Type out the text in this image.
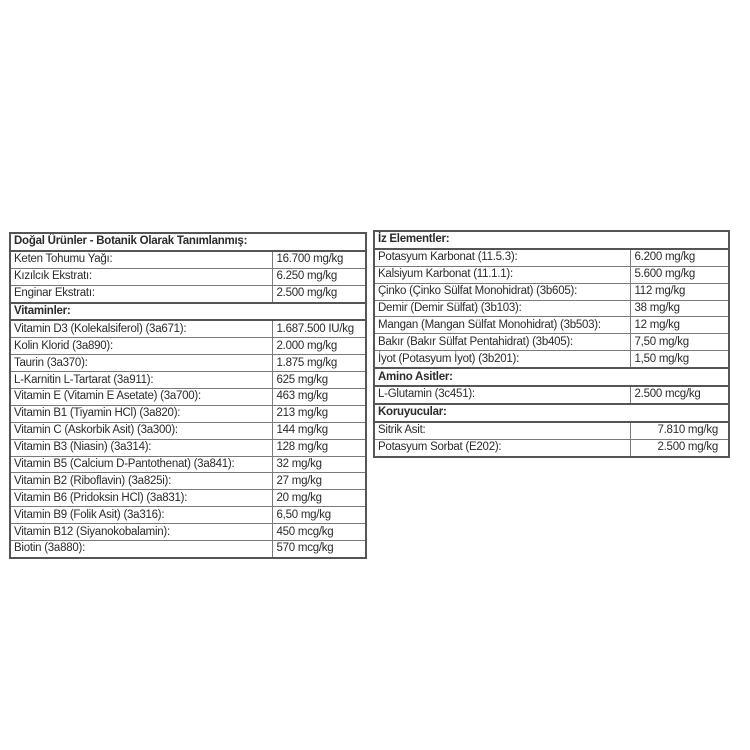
Doğal Ürünler - Botanik Olarak Tanımlanmış:	
Keten Tohumu Yağı:	16.700 mg/kg
Kızılcık Ekstratı:	6.250 mg/kg
Enginar Ekstratı:	2.500 mg/kg
Vitaminler:	
Vitamin D3 (Kolekalsiferol) (3a671):	1.687.500 IU/kg
Kolin Klorid (3a890):	2.000 mg/kg
Taurin (3a370):	1.875 mg/kg
L-Karnitin L-Tartarat (3a911):	625 mg/kg
Vitamin E (Vitamin E Asetate) (3a700):	463 mg/kg
Vitamin B1 (Tiyamin HCl) (3a820):	213 mg/kg
Vitamin C (Askorbik Asit) (3a300):	144 mg/kg
Vitamin B3 (Niasin) (3a314):	128 mg/kg
Vitamin B5 (Calcium D-Pantothenat) (3a841):	32 mg/kg
Vitamin B2 (Riboflavin) (3a825i):	27 mg/kg
Vitamin B6 (Pridoksin HCl) (3a831):	20 mg/kg
Vitamin B9 (Folik Asit) (3a316):	6,50 mg/kg
Vitamin B12 (Siyanokobalamin):	450 mcg/kg
Biotin (3a880):	570 mcg/kg
İz Elementler:	
Potasyum Karbonat (11.5.3):	6.200 mg/kg
Kalsiyum Karbonat (11.1.1):	5.600 mg/kg
Çinko (Çinko Sülfat Monohidrat) (3b605):	112 mg/kg
Demir (Demir Sülfat) (3b103):	38 mg/kg
Mangan (Mangan Sülfat Monohidrat) (3b503):	12 mg/kg
Bakır (Bakır Sülfat Pentahidrat) (3b405):	7,50 mg/kg
İyot (Potasyum İyot) (3b201):	1,50 mg/kg
Amino Asitler:	
L-Glutamin (3c451):	2.500 mcg/kg
Koruyucular:	
Sitrik Asit:	7.810 mg/kg
Potasyum Sorbat (E202):	2.500 mg/kg
